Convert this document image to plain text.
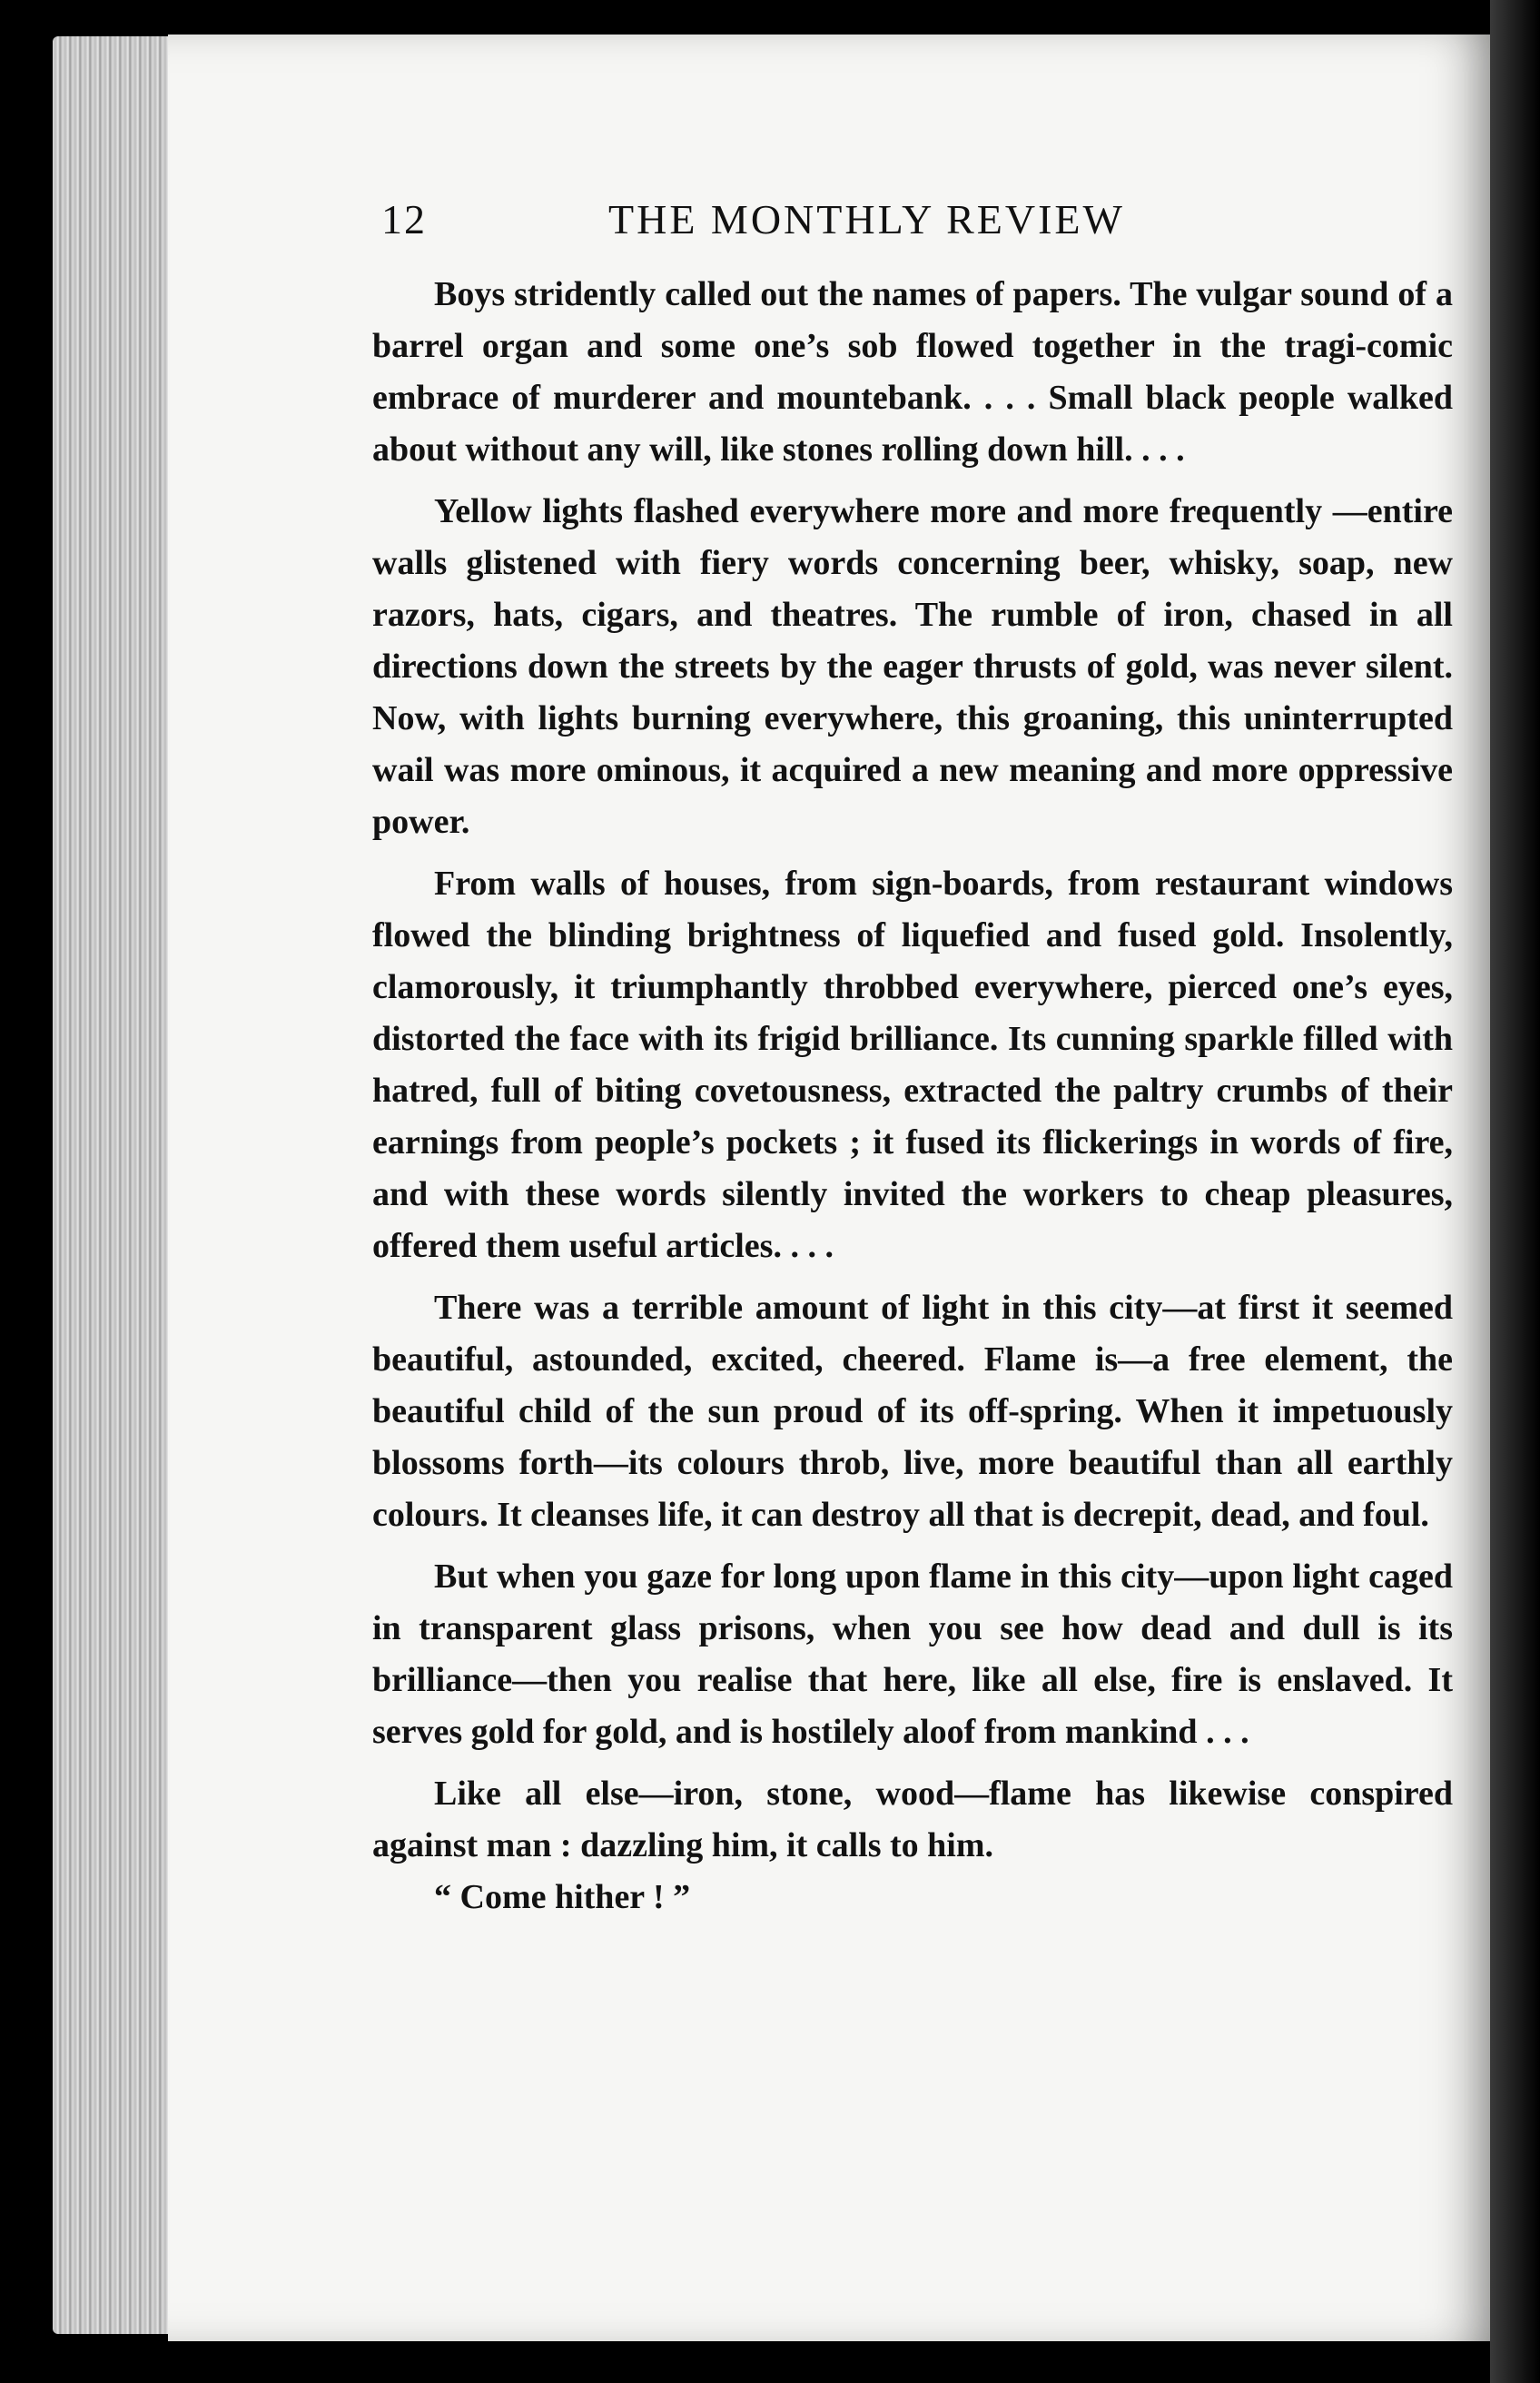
12	THE MONTHLY REVIEW

Boys stridently called out the names of papers. The vulgar sound of a barrel organ and some one’s sob flowed together in the tragi-comic embrace of murderer and mountebank. . . . Small black people walked about without any will, like stones rolling down hill. . . .

Yellow lights flashed everywhere more and more frequently —entire walls glistened with fiery words concerning beer, whisky, soap, new razors, hats, cigars, and theatres. The rumble of iron, chased in all directions down the streets by the eager thrusts of gold, was never silent. Now, with lights burning everywhere, this groaning, this uninterrupted wail was more ominous, it acquired a new meaning and more oppressive power.

From walls of houses, from sign-boards, from restaurant windows flowed the blinding brightness of liquefied and fused gold. Insolently, clamorously, it triumphantly throbbed everywhere, pierced one’s eyes, distorted the face with its frigid brilliance. Its cunning sparkle filled with hatred, full of biting covetousness, extracted the paltry crumbs of their earnings from people’s pockets ; it fused its flickerings in words of fire, and with these words silently invited the workers to cheap pleasures, offered them useful articles. . . .

There was a terrible amount of light in this city—at first it seemed beautiful, astounded, excited, cheered. Flame is—a free element, the beautiful child of the sun proud of its off-spring. When it impetuously blossoms forth—its colours throb, live, more beautiful than all earthly colours. It cleanses life, it can destroy all that is decrepit, dead, and foul.

But when you gaze for long upon flame in this city—upon light caged in transparent glass prisons, when you see how dead and dull is its brilliance—then you realise that here, like all else, fire is enslaved. It serves gold for gold, and is hostilely aloof from mankind . . .

Like all else—iron, stone, wood—flame has likewise conspired against man : dazzling him, it calls to him.

“ Come hither ! ”
